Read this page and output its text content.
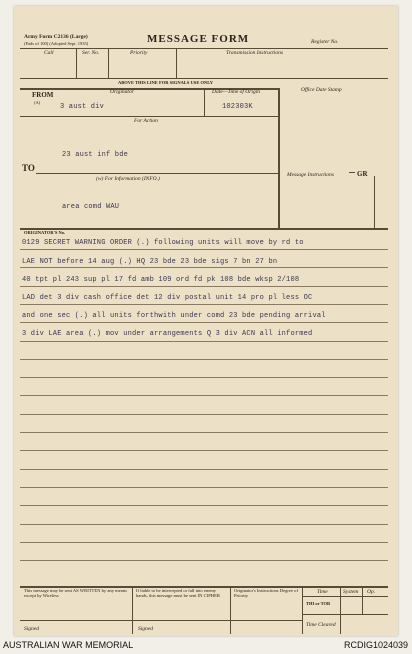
Army Form C2136 (Large)
(Pads of 100) (Adopted Sept. 1935)	MESSAGE FORM	Register No.
Call	Ser. No.	Priority	Transmission Instructions
ABOVE THIS LINE FOR SIGNALS USE ONLY
Office Date Stamp
FROM
(A)
Originator	Date—Time of Origin
3 aust div	102303K
For Action
23 aust inf bde
TO
(w) For Information (INFO.)
area comd WAU
Message Instructions	GR
ORIGINATOR'S No.
0129 SECRET WARNING ORDER (.) following units will move by rd to
LAE NOT before 14 aug (.) HQ 23 bde 23 bde sigs 7 bn 27 bn
40 tpt pl 243 sup pl 17 fd amb 109 ord fd pk 108 bde wksp 2/108
LAD det 3 div cash office det 12 div postal unit 14 pro pl less OC
and one sec (.) all units forthwith under comd 23 bde pending arrival
3 div LAE area (.) mov under arrangements Q 3 div ACN all informed
This message may be sent AS WRITTEN by any means except by Wireless
If liable to be intercepted or fall into enemy hands, this message must be sent IN CIPHER
Originator's Instructions Degree of Priority
Time	System Op.
THI or TOR
Time Cleared
Signed	Signed
AUSTRALIAN WAR MEMORIAL	RCDIG1024039
